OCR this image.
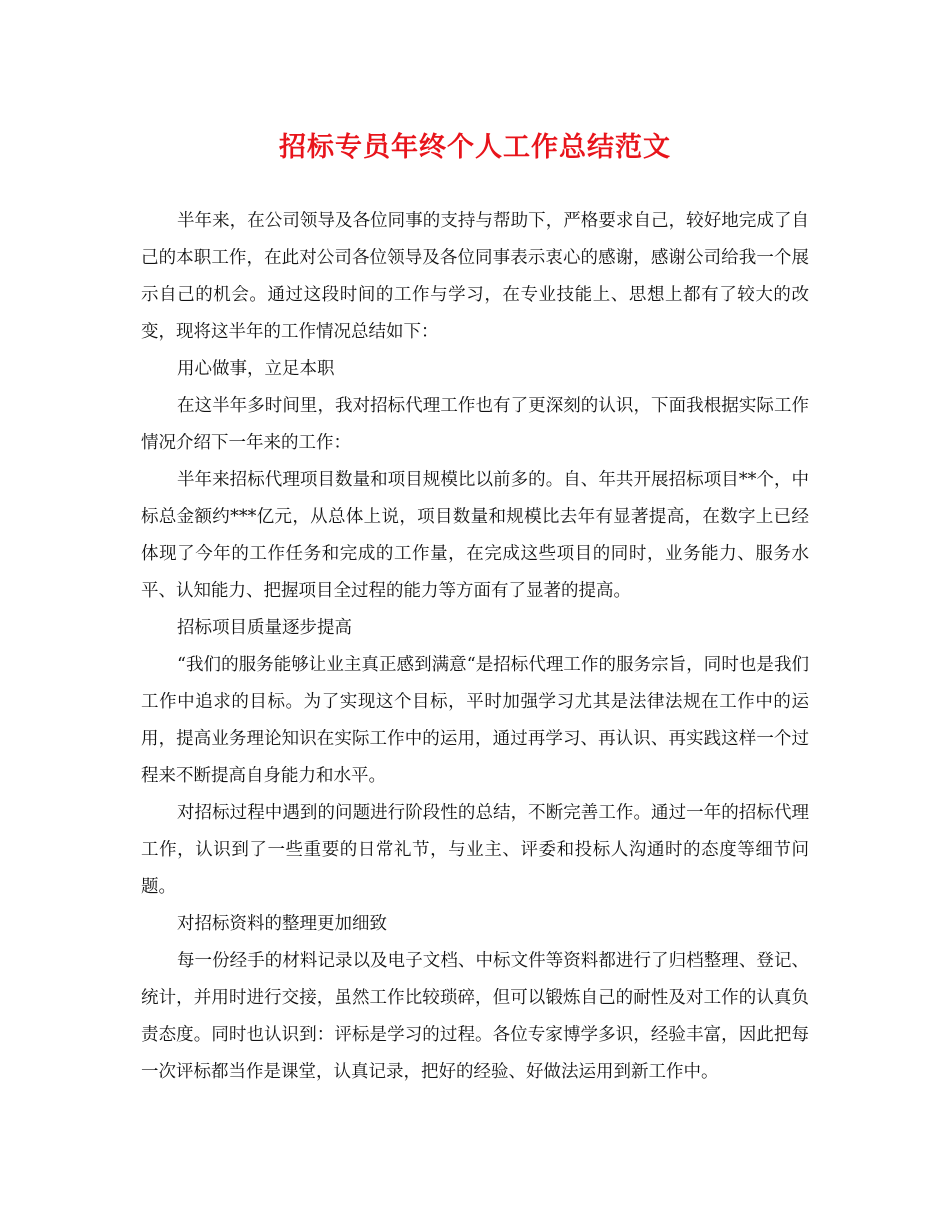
招标专员年终个人工作总结范文

半年来，在公司领导及各位同事的支持与帮助下，严格要求自己，较好地完成了自己的本职工作，在此对公司各位领导及各位同事表示衷心的感谢，感谢公司给我一个展示自己的机会。通过这段时间的工作与学习，在专业技能上、思想上都有了较大的改变，现将这半年的工作情况总结如下：

用心做事，立足本职

在这半年多时间里，我对招标代理工作也有了更深刻的认识，下面我根据实际工作情况介绍下一年来的工作：

半年来招标代理项目数量和项目规模比以前多的。自、年共开展招标项目**个，中标总金额约***亿元，从总体上说，项目数量和规模比去年有显著提高，在数字上已经体现了今年的工作任务和完成的工作量，在完成这些项目的同时，业务能力、服务水平、认知能力、把握项目全过程的能力等方面有了显著的提高。

招标项目质量逐步提高

“我们的服务能够让业主真正感到满意“是招标代理工作的服务宗旨，同时也是我们工作中追求的目标。为了实现这个目标，平时加强学习尤其是法律法规在工作中的运用，提高业务理论知识在实际工作中的运用，通过再学习、再认识、再实践这样一个过程来不断提高自身能力和水平。

对招标过程中遇到的问题进行阶段性的总结，不断完善工作。通过一年的招标代理工作，认识到了一些重要的日常礼节，与业主、评委和投标人沟通时的态度等细节问题。

对招标资料的整理更加细致

每一份经手的材料记录以及电子文档、中标文件等资料都进行了归档整理、登记、统计，并用时进行交接，虽然工作比较琐碎，但可以锻炼自己的耐性及对工作的认真负责态度。同时也认识到：评标是学习的过程。各位专家博学多识，经验丰富，因此把每一次评标都当作是课堂，认真记录，把好的经验、好做法运用到新工作中。
